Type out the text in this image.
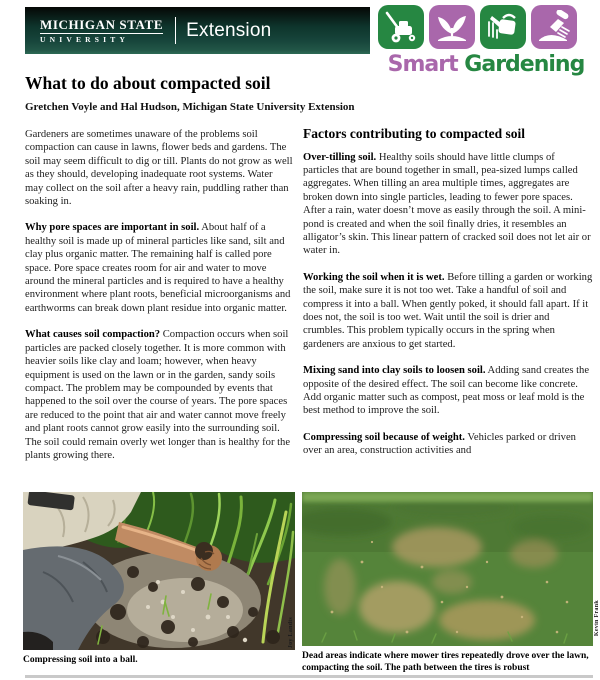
MICHIGAN STATE
UNIVERSITY	Extension
Smart Gardening
What to do about compacted soil
Gretchen Voyle and Hal Hudson, Michigan State University Extension

Gardeners are sometimes unaware of the problems soil compaction can cause in lawns, flower beds and gardens. The soil may seem difficult to dig or till. Plants do not grow as well as they should, developing inadequate root systems. Water may collect on the soil after a heavy rain, puddling rather than soaking in.

Why pore spaces are important in soil. About half of a healthy soil is made up of mineral particles like sand, silt and clay plus organic matter. The remaining half is called pore space. Pore space creates room for air and water to move around the mineral particles and is required to have a healthy environment where plant roots, beneficial microorganisms and earthworms can break down plant residue into organic matter.

What causes soil compaction? Compaction occurs when soil particles are packed closely together. It is more common with heavier soils like clay and loam; however, when heavy equipment is used on the lawn or in the garden, sandy soils compact. The problem may be compounded by events that happened to the soil over the course of years. The pore spaces are reduced to the point that air and water cannot move freely and plant roots cannot grow easily into the surrounding soil. The soil could remain overly wet longer than is healthy for the plants growing there.

Factors contributing to compacted soil

Over-tilling soil. Healthy soils should have little clumps of particles that are bound together in small, pea-sized lumps called aggregates. When tilling an area multiple times, aggregates are broken down into single particles, leading to fewer pore spaces. After a rain, water doesn’t move as easily through the soil. A mini-pond is created and when the soil finally dries, it resembles an alligator’s skin. This linear pattern of cracked soil does not let air or water in.

Working the soil when it is wet. Before tilling a garden or working the soil, make sure it is not too wet. Take a handful of soil and compress it into a ball. When gently poked, it should fall apart. If it does not, the soil is too wet. Wait until the soil is drier and crumbles. This problem typically occurs in the spring when gardeners are anxious to get started.

Mixing sand into clay soils to loosen soil. Adding sand creates the opposite of the desired effect. The soil can become like concrete. Add organic matter such as compost, peat moss or leaf mold is the best method to improve the soil.

Compressing soil because of weight. Vehicles parked or driven over an area, construction activities and

Joy Landis
Compressing soil into a ball.
Kevin Frank
Dead areas indicate where mower tires repeatedly drove over the lawn, compacting the soil. The path between the tires is robust
